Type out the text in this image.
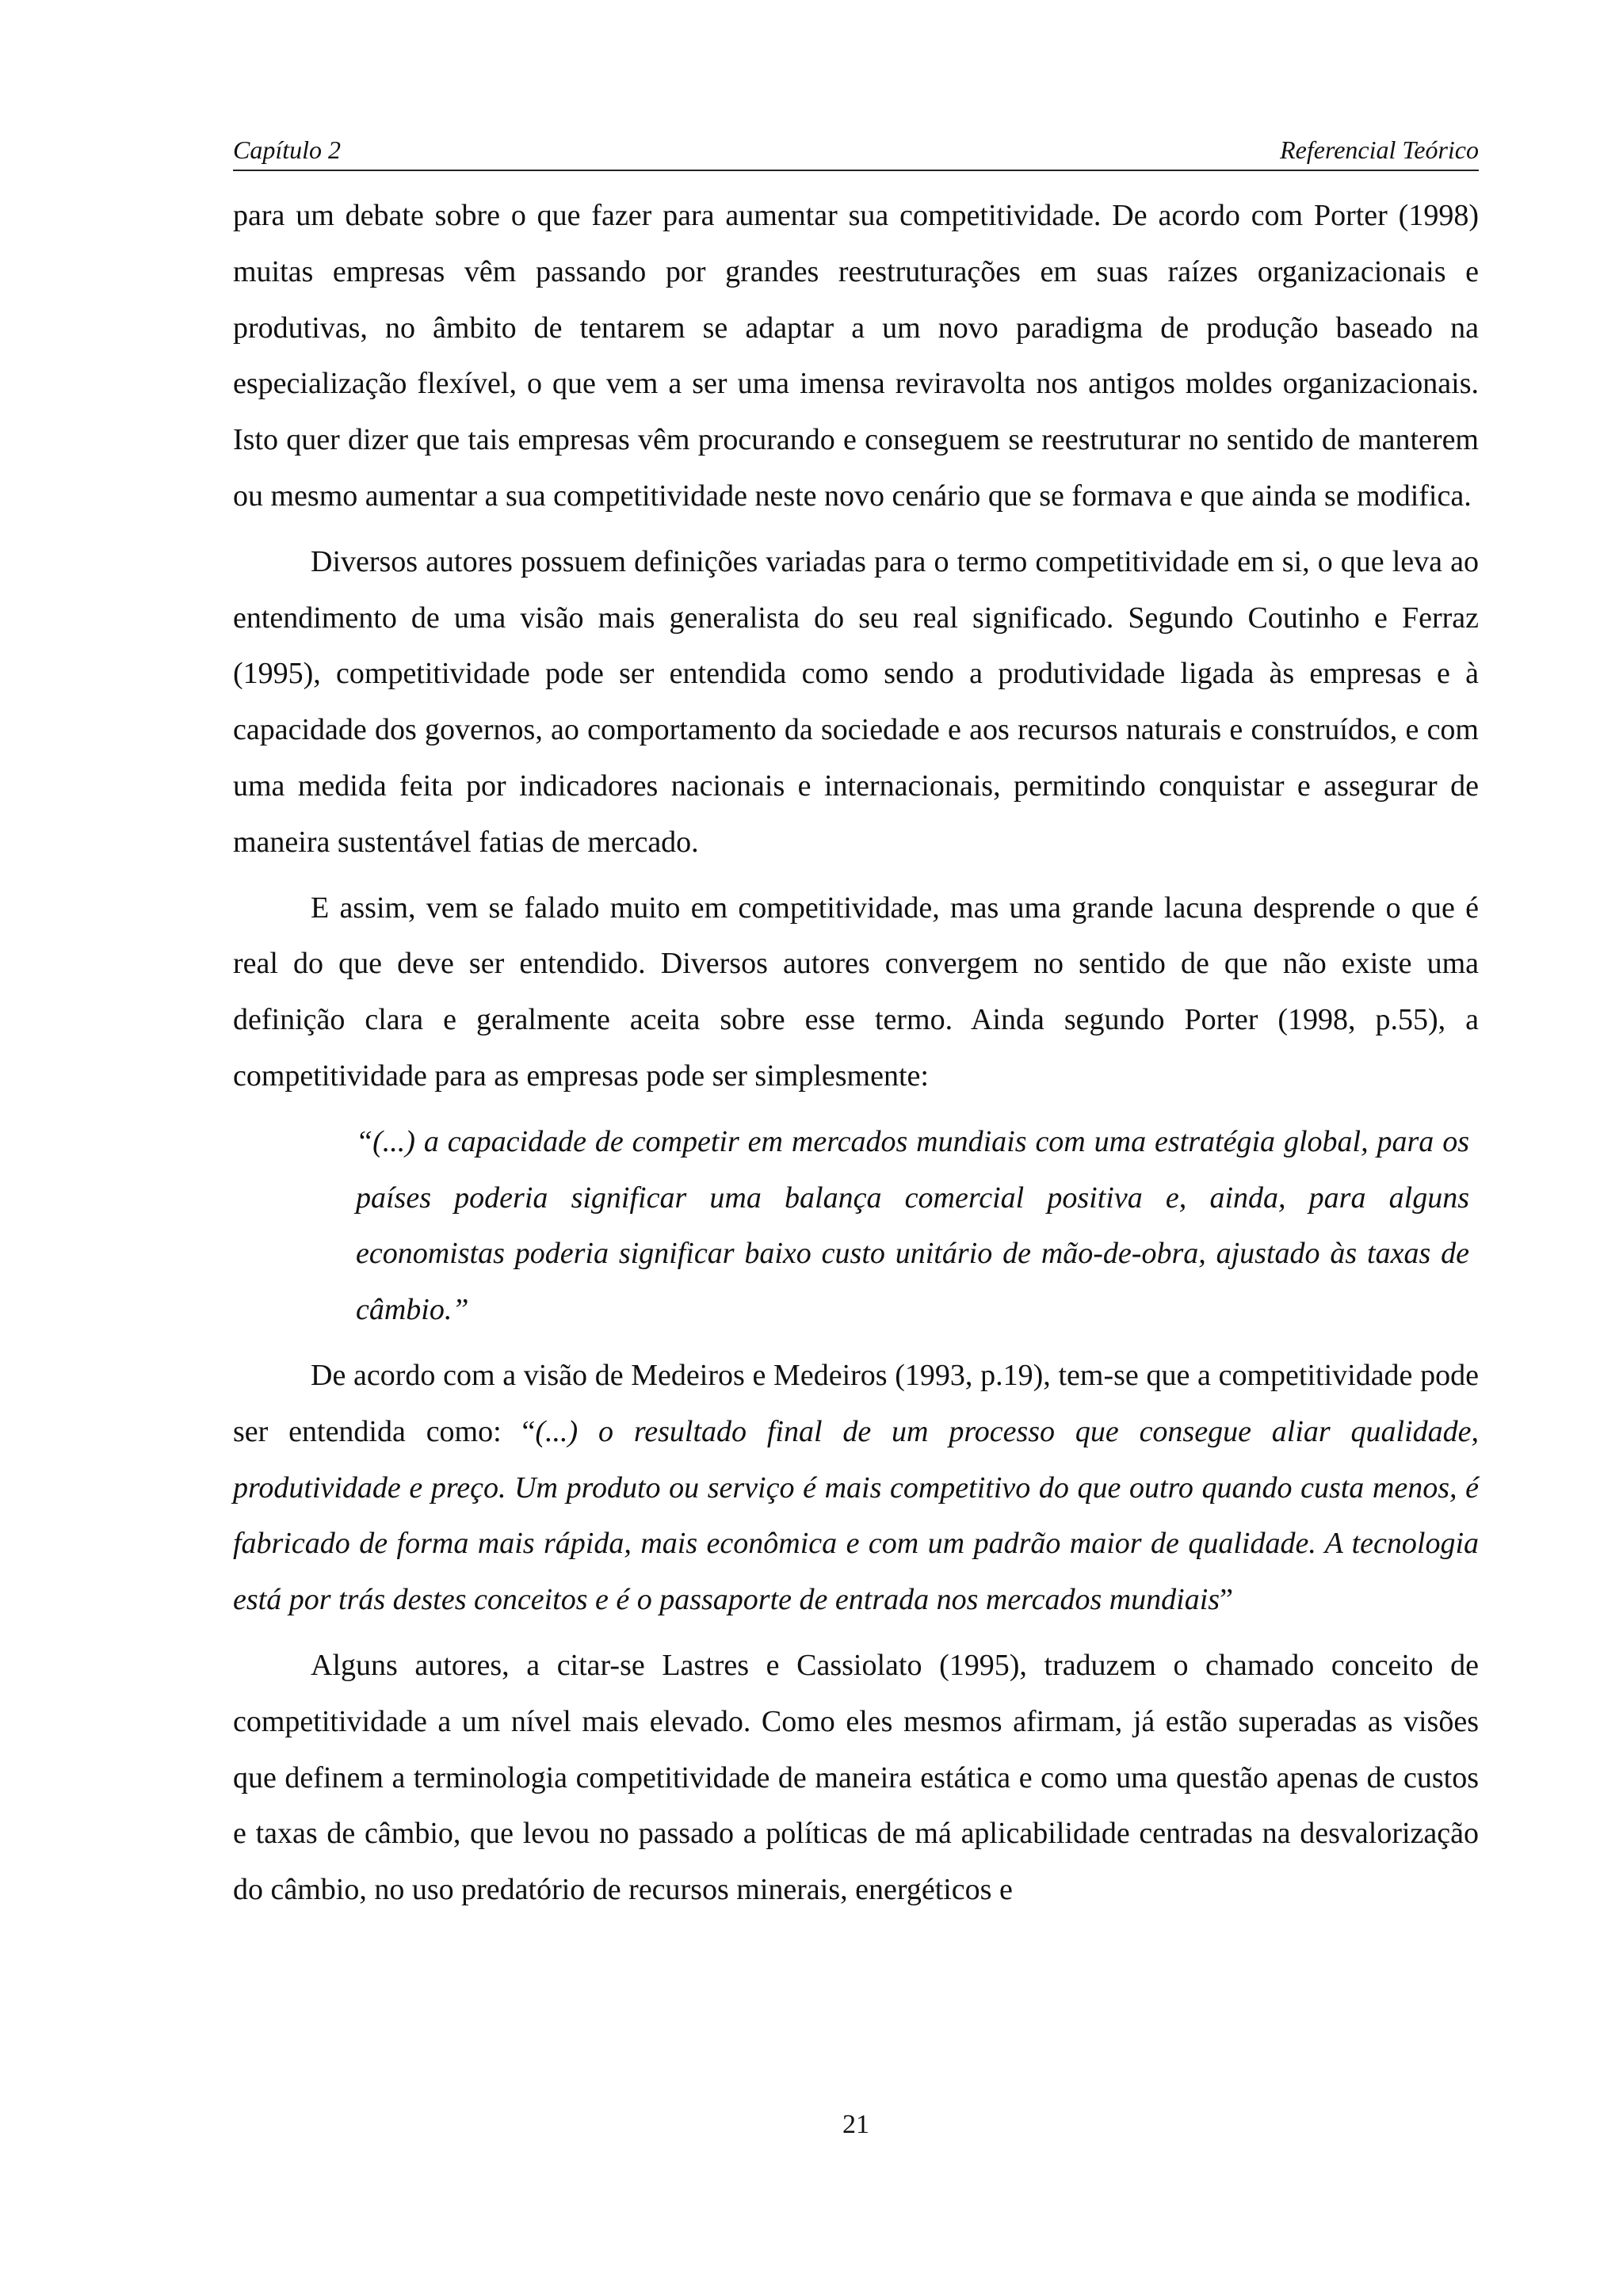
Capítulo 2	Referencial Teórico

para um debate sobre o que fazer para aumentar sua competitividade. De acordo com Porter (1998) muitas empresas vêm passando por grandes reestruturações em suas raízes organizacionais e produtivas, no âmbito de tentarem se adaptar a um novo paradigma de produção baseado na especialização flexível, o que vem a ser uma imensa reviravolta nos antigos moldes organizacionais. Isto quer dizer que tais empresas vêm procurando e conseguem se reestruturar no sentido de manterem ou mesmo aumentar a sua competitividade neste novo cenário que se formava e que ainda se modifica.

Diversos autores possuem definições variadas para o termo competitividade em si, o que leva ao entendimento de uma visão mais generalista do seu real significado. Segundo Coutinho e Ferraz (1995), competitividade pode ser entendida como sendo a produtividade ligada às empresas e à capacidade dos governos, ao comportamento da sociedade e aos recursos naturais e construídos, e com uma medida feita por indicadores nacionais e internacionais, permitindo conquistar e assegurar de maneira sustentável fatias de mercado.

E assim, vem se falado muito em competitividade, mas uma grande lacuna desprende o que é real do que deve ser entendido. Diversos autores convergem no sentido de que não existe uma definição clara e geralmente aceita sobre esse termo. Ainda segundo Porter (1998, p.55), a competitividade para as empresas pode ser simplesmente:

“(...) a capacidade de competir em mercados mundiais com uma estratégia global, para os países poderia significar uma balança comercial positiva e, ainda, para alguns economistas poderia significar baixo custo unitário de mão-de-obra, ajustado às taxas de câmbio.”

De acordo com a visão de Medeiros e Medeiros (1993, p.19), tem-se que a competitividade pode ser entendida como: “(...) o resultado final de um processo que consegue aliar qualidade, produtividade e preço. Um produto ou serviço é mais competitivo do que outro quando custa menos, é fabricado de forma mais rápida, mais econômica e com um padrão maior de qualidade. A tecnologia está por trás destes conceitos e é o passaporte de entrada nos mercados mundiais”

Alguns autores, a citar-se Lastres e Cassiolato (1995), traduzem o chamado conceito de competitividade a um nível mais elevado. Como eles mesmos afirmam, já estão superadas as visões que definem a terminologia competitividade de maneira estática e como uma questão apenas de custos e taxas de câmbio, que levou no passado a políticas de má aplicabilidade centradas na desvalorização do câmbio, no uso predatório de recursos minerais, energéticos e

21
